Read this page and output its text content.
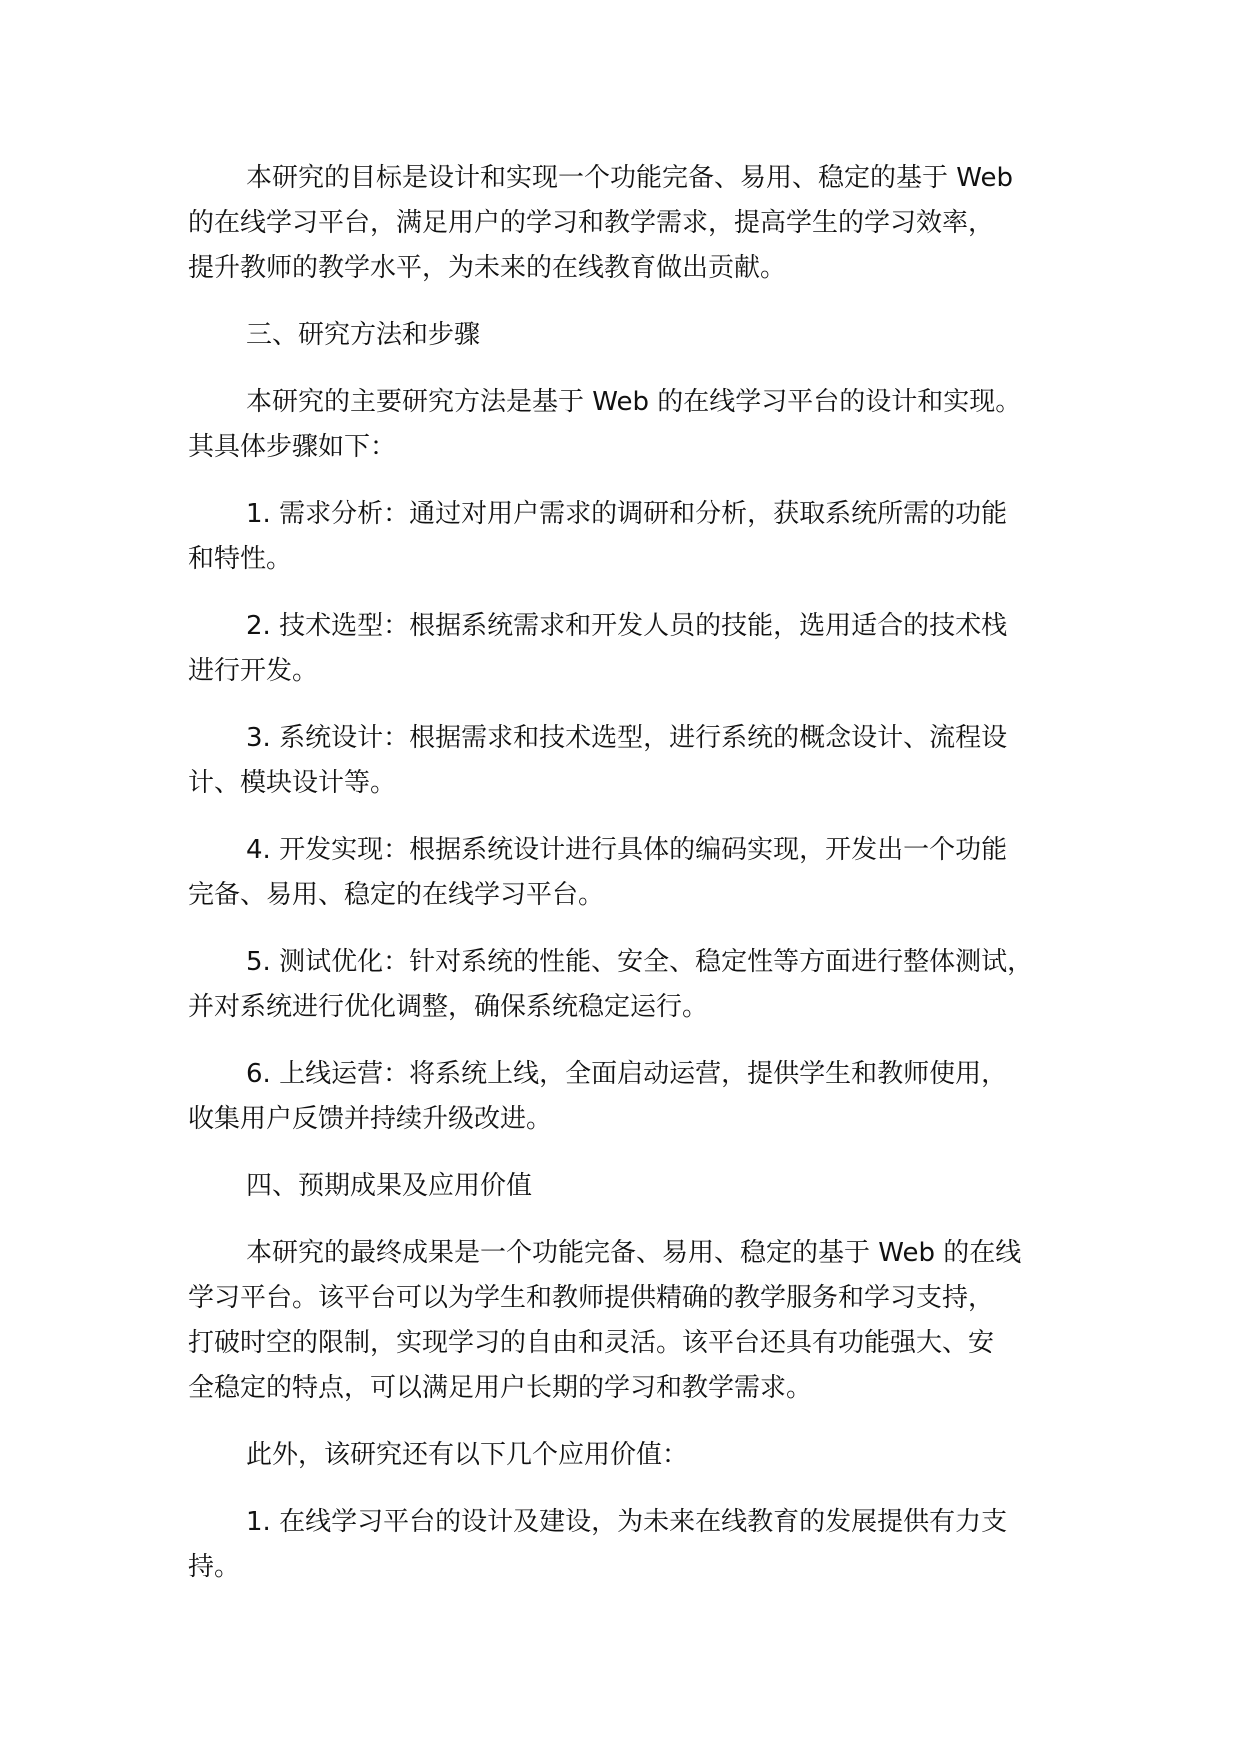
本研究的目标是设计和实现一个功能完备、易用、稳定的基于 Web
的在线学习平台，满足用户的学习和教学需求，提高学生的学习效率，
提升教师的教学水平，为未来的在线教育做出贡献。

三、研究方法和步骤

本研究的主要研究方法是基于 Web 的在线学习平台的设计和实现。
其具体步骤如下：

1. 需求分析：通过对用户需求的调研和分析，获取系统所需的功能
和特性。

2. 技术选型：根据系统需求和开发人员的技能，选用适合的技术栈
进行开发。

3. 系统设计：根据需求和技术选型，进行系统的概念设计、流程设
计、模块设计等。

4. 开发实现：根据系统设计进行具体的编码实现，开发出一个功能
完备、易用、稳定的在线学习平台。

5. 测试优化：针对系统的性能、安全、稳定性等方面进行整体测试，
并对系统进行优化调整，确保系统稳定运行。

6. 上线运营：将系统上线，全面启动运营，提供学生和教师使用，
收集用户反馈并持续升级改进。

四、预期成果及应用价值

本研究的最终成果是一个功能完备、易用、稳定的基于 Web 的在线
学习平台。该平台可以为学生和教师提供精确的教学服务和学习支持，
打破时空的限制，实现学习的自由和灵活。该平台还具有功能强大、安
全稳定的特点，可以满足用户长期的学习和教学需求。

此外，该研究还有以下几个应用价值：

1. 在线学习平台的设计及建设，为未来在线教育的发展提供有力支
持。
